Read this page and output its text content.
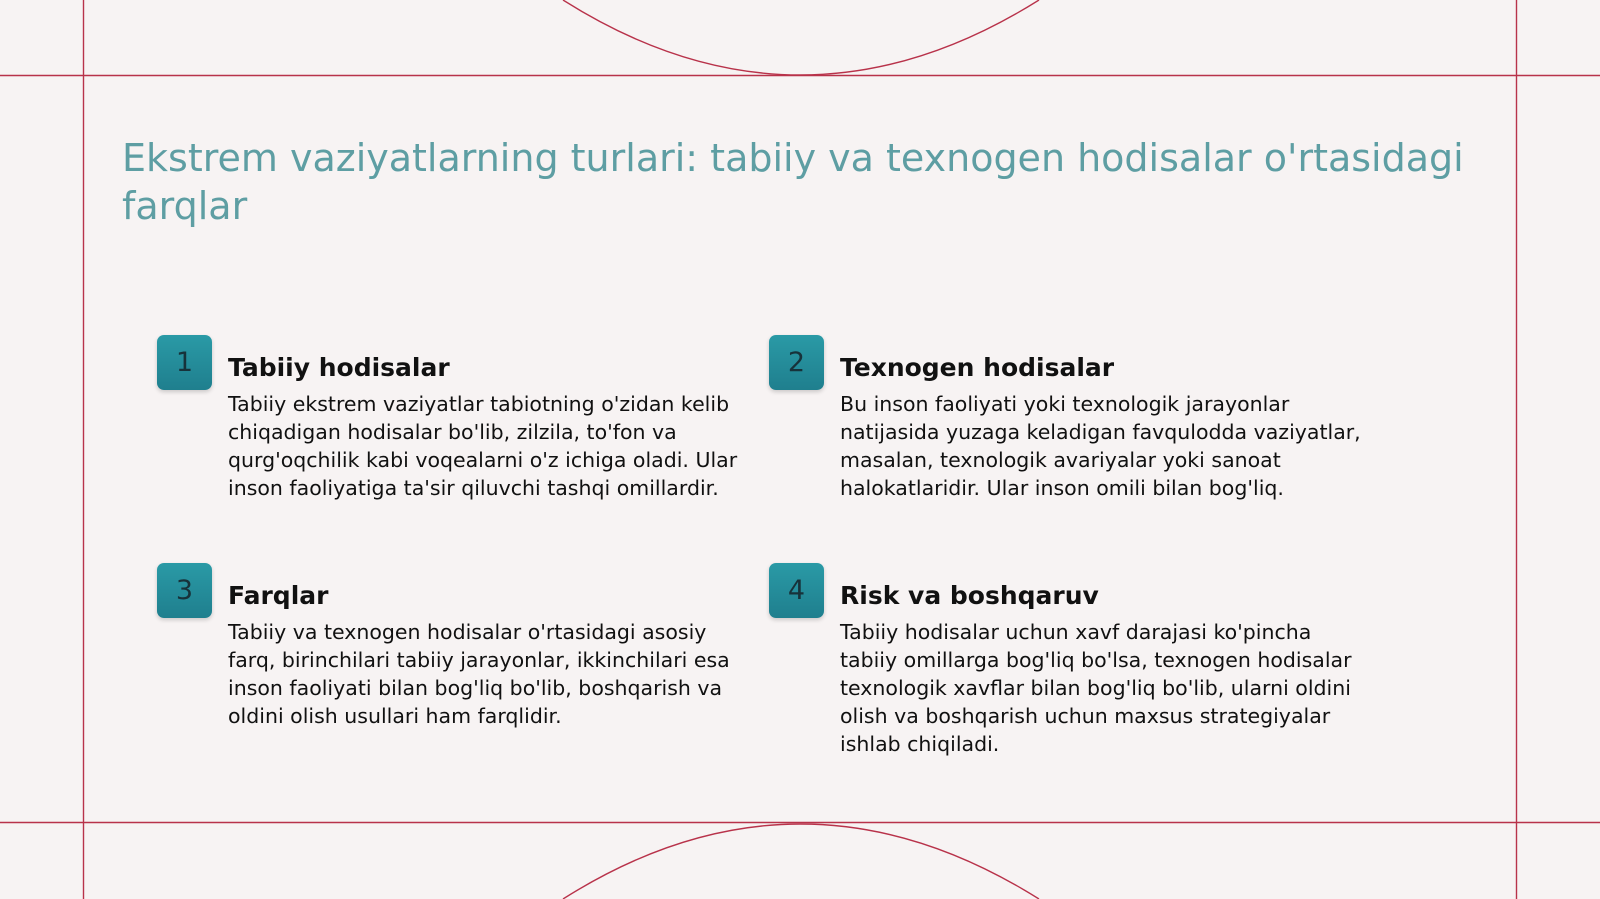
Ekstrem vaziyatlarning turlari: tabiiy va texnogen hodisalar o'rtasidagi farqlar
1	Tabiiy hodisalar

Tabiiy ekstrem vaziyatlar tabiotning o'zidan kelib chiqadigan hodisalar bo'lib, zilzila, to'fon va qurg'oqchilik kabi voqealarni o'z ichiga oladi. Ular inson faoliyatiga ta'sir qiluvchi tashqi omillardir.

2	Texnogen hodisalar

Bu inson faoliyati yoki texnologik jarayonlar natijasida yuzaga keladigan favqulodda vaziyatlar, masalan, texnologik avariyalar yoki sanoat halokatlaridir. Ular inson omili bilan bog'liq.

3	Farqlar

Tabiiy va texnogen hodisalar o'rtasidagi asosiy farq, birinchilari tabiiy jarayonlar, ikkinchilari esa inson faoliyati bilan bog'liq bo'lib, boshqarish va oldini olish usullari ham farqlidir.

4	Risk va boshqaruv

Tabiiy hodisalar uchun xavf darajasi ko'pincha tabiiy omillarga bog'liq bo'lsa, texnogen hodisalar texnologik xavflar bilan bog'liq bo'lib, ularni oldini olish va boshqarish uchun maxsus strategiyalar ishlab chiqiladi.
